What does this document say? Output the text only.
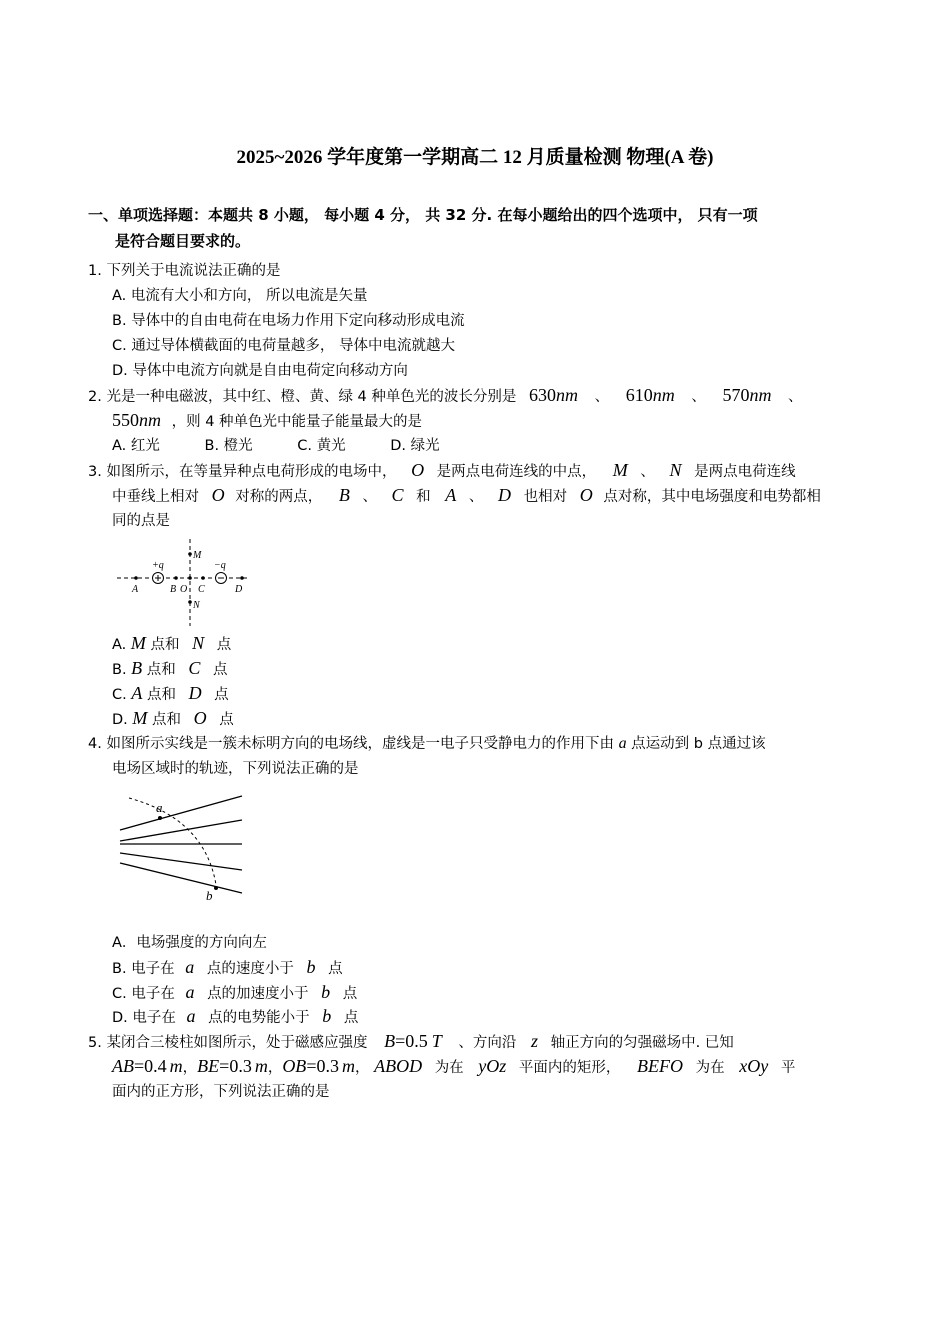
2025~2026 学年度第一学期高二 12 月质量检测 物理(A 卷)
一、单项选择题：本题共 8 小题， 每小题 4 分， 共 32 分. 在每小题给出的四个选项中， 只有一项
是符合题目要求的。
1. 下列关于电流说法正确的是
A. 电流有大小和方向， 所以电流是矢量
B. 导体中的自由电荷在电场力作用下定向移动形成电流
C. 通过导体横截面的电荷量越多， 导体中电流就越大
D. 导体中电流方向就是自由电荷定向移动方向
2. 光是一种电磁波，其中红、橙、黄、绿 4 种单色光的波长分别是 630nm 、 610nm 、 570nm 、
550nm ，则 4 种单色光中能量子能量最大的是
A. 红光	B. 橙光	C. 黄光	D. 绿光
3. 如图所示，在等量异种点电荷形成的电场中， O 是两点电荷连线的中点， M 、 N 是两点电荷连线
中垂线上相对 O 对称的两点， B 、 C 和 A 、 D 也相对 O 点对称，其中电场强度和电势都相
同的点是
+q	−q
M
N
A	B O C	D
A. M 点和 N 点
B. B 点和 C 点
C. A 点和 D 点
D. M 点和 O 点
4. 如图所示实线是一簇未标明方向的电场线，虚线是一电子只受静电力的作用下由 a 点运动到 b 点通过该
电场区域时的轨迹，下列说法正确的是
a
b
A．电场强度的方向向左
B. 电子在 a 点的速度小于 b 点
C. 电子在 a 点的加速度小于 b 点
D. 电子在 a 点的电势能小于 b 点
5. 某闭合三棱柱如图所示，处于磁感应强度 B=0.5 T 、方向沿 z 轴正方向的匀强磁场中. 已知
AB=0.4 m，BE=0.3 m，OB=0.3 m， ABOD 为在 yOz 平面内的矩形， BEFO 为在 xOy 平
面内的正方形，下列说法正确的是
